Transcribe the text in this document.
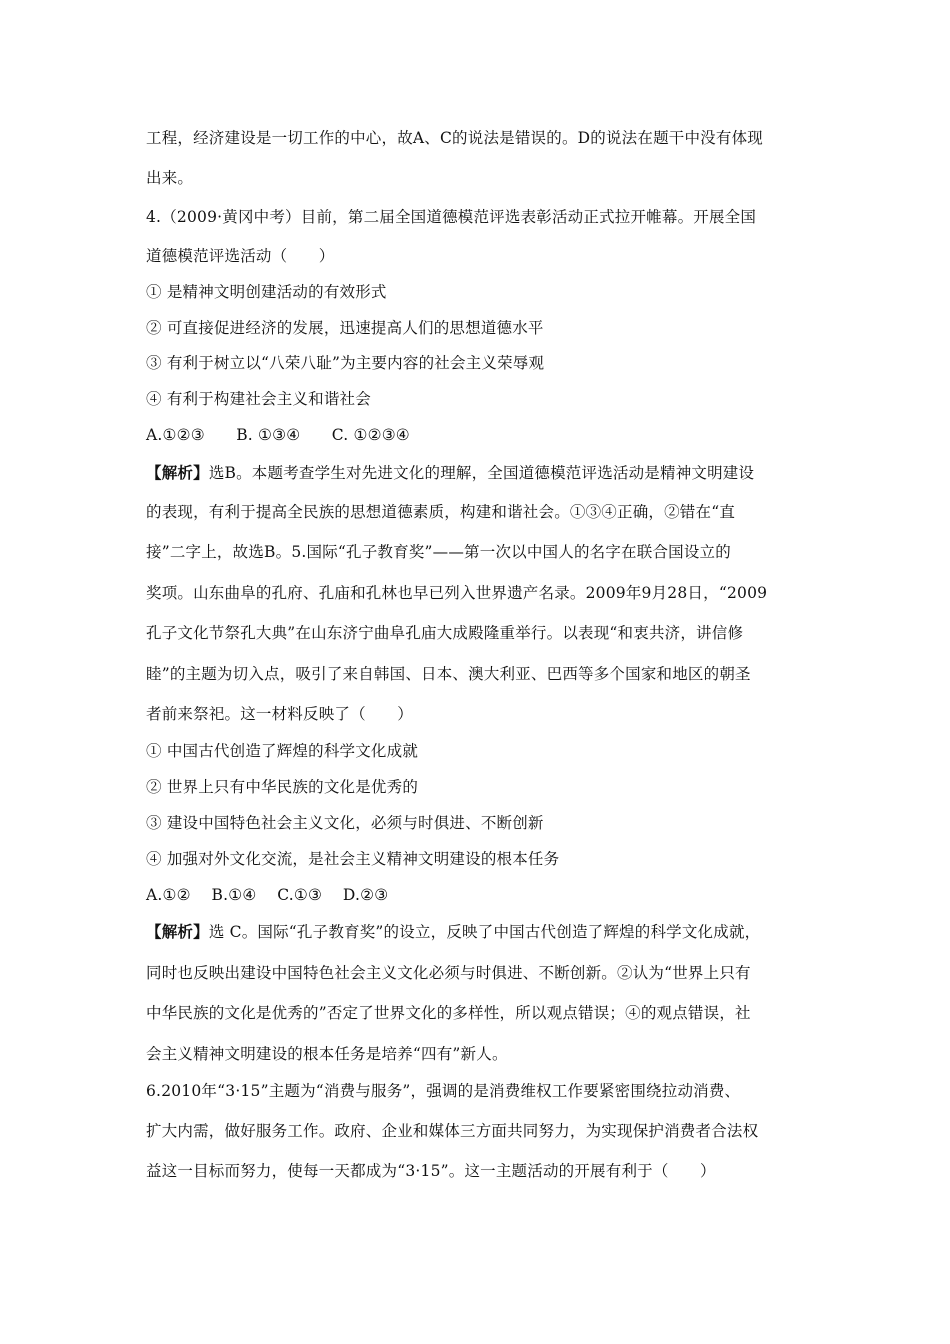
工程，经济建设是一切工作的中心，故A、C的说法是错误的。D的说法在题干中没有体现
出来。
4.（2009·黄冈中考）目前，第二届全国道德模范评选表彰活动正式拉开帷幕。开展全国
道德模范评选活动（　　）
① 是精神文明创建活动的有效形式
② 可直接促进经济的发展，迅速提高人们的思想道德水平
③ 有利于树立以“八荣八耻”为主要内容的社会主义荣辱观
④ 有利于构建社会主义和谐社会
A.①②③　　B. ①③④　　C. ①②③④
【解析】选B。本题考查学生对先进文化的理解，全国道德模范评选活动是精神文明建设
的表现，有利于提高全民族的思想道德素质，构建和谐社会。①③④正确，②错在“直
接”二字上，故选B。5.国际“孔子教育奖”——第一次以中国人的名字在联合国设立的
奖项。山东曲阜的孔府、孔庙和孔林也早已列入世界遗产名录。2009年9月28日，“2009
孔子文化节祭孔大典”在山东济宁曲阜孔庙大成殿隆重举行。以表现“和衷共济，讲信修
睦”的主题为切入点，吸引了来自韩国、日本、澳大利亚、巴西等多个国家和地区的朝圣
者前来祭祀。这一材料反映了（　　）
① 中国古代创造了辉煌的科学文化成就
② 世界上只有中华民族的文化是优秀的
③ 建设中国特色社会主义文化，必须与时俱进、不断创新
④ 加强对外文化交流，是社会主义精神文明建设的根本任务
A.①②　 B.①④　 C.①③　 D.②③
【解析】选 C。国际“孔子教育奖”的设立，反映了中国古代创造了辉煌的科学文化成就，
同时也反映出建设中国特色社会主义文化必须与时俱进、不断创新。②认为“世界上只有
中华民族的文化是优秀的”否定了世界文化的多样性，所以观点错误；④的观点错误，社
会主义精神文明建设的根本任务是培养“四有”新人。
6.2010年“3·15”主题为“消费与服务”，强调的是消费维权工作要紧密围绕拉动消费、
扩大内需，做好服务工作。政府、企业和媒体三方面共同努力，为实现保护消费者合法权
益这一目标而努力，使每一天都成为“3·15”。这一主题活动的开展有利于（　　）
